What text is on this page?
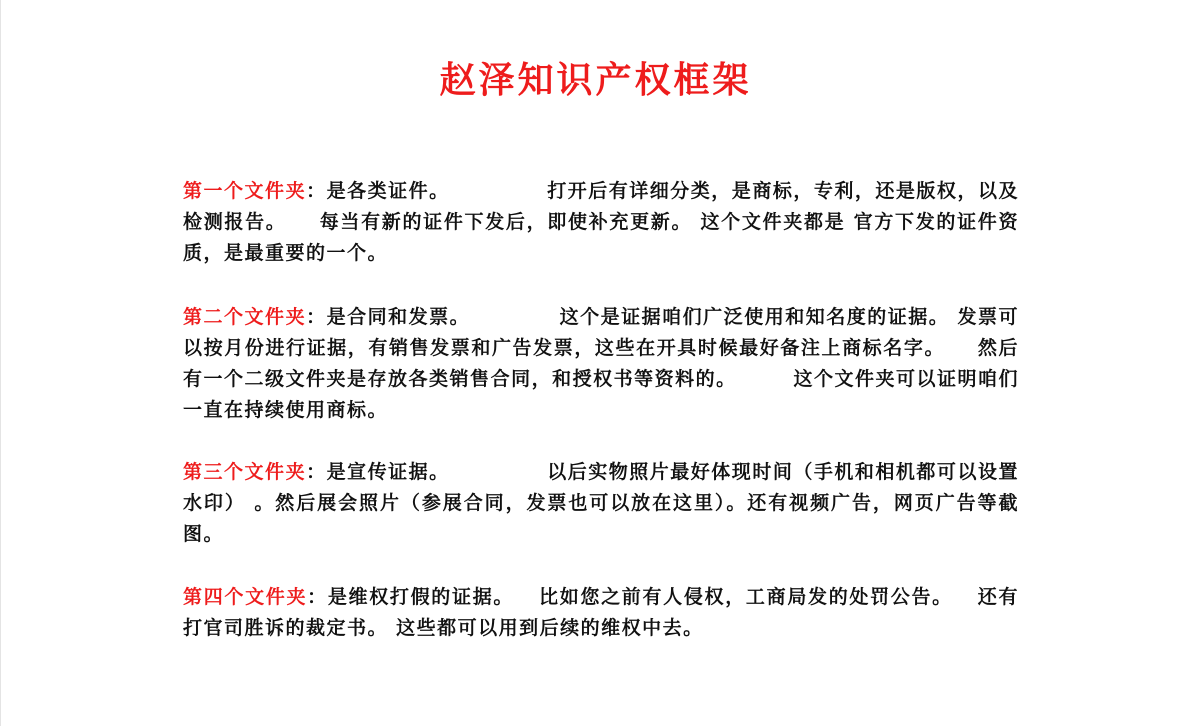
赵泽知识产权框架

第一个文件夹：是各类证件。            打开后有详细分类，是商标，专利，还是版权，以及检测报告。    每当有新的证件下发后，即使补充更新。 这个文件夹都是 官方下发的证件资质，是最重要的一个。

第二个文件夹：是合同和发票。           这个是证据咱们广泛使用和知名度的证据。 发票可以按月份进行证据，有销售发票和广告发票，这些在开具时候最好备注上商标名字。    然后有一个二级文件夹是存放各类销售合同，和授权书等资料的。       这个文件夹可以证明咱们一直在持续使用商标。

第三个文件夹：是宣传证据。            以后实物照片最好体现时间（手机和相机都可以设置水印） 。然后展会照片（参展合同，发票也可以放在这里）。还有视频广告，网页广告等截图。

第四个文件夹：是维权打假的证据。   比如您之前有人侵权，工商局发的处罚公告。   还有打官司胜诉的裁定书。 这些都可以用到后续的维权中去。
